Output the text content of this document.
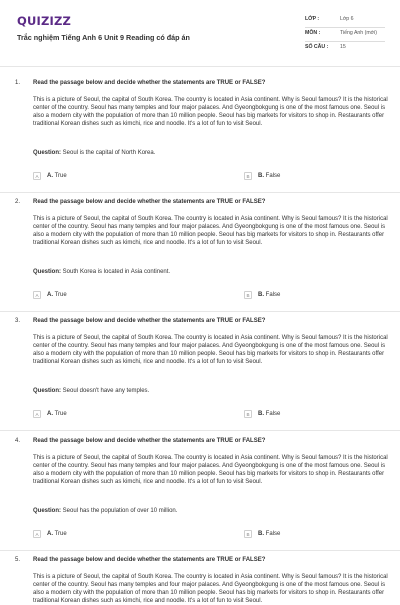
QUIZIZZ
Trắc nghiệm Tiếng Anh 6 Unit 9 Reading có đáp án
LỚP :	Lớp 6
MÔN :	Tiếng Anh (mới)
SỐ CÂU :	15
1. Read the passage below and decide whether the statements are TRUE or FALSE?
This is a picture of Seoul, the capital of South Korea. The country is located in Asia continent. Why is Seoul famous? It is the historical center of the country. Seoul has many temples and four major palaces. And Gyeongbokgung is one of the most famous one. Seoul is also a modern city with the population of more than 10 million people. Seoul has big markets for visitors to shop in. Restaurants offer traditional Korean dishes such as kimchi, rice and noodle. It's a lot of fun to visit Seoul.
Question: Seoul is the capital of North Korea.
A	A. True	B	B. False
2. Read the passage below and decide whether the statements are TRUE or FALSE?
This is a picture of Seoul, the capital of South Korea. The country is located in Asia continent. Why is Seoul famous? It is the historical center of the country. Seoul has many temples and four major palaces. And Gyeongbokgung is one of the most famous one. Seoul is also a modern city with the population of more than 10 million people. Seoul has big markets for visitors to shop in. Restaurants offer traditional Korean dishes such as kimchi, rice and noodle. It's a lot of fun to visit Seoul.
Question: South Korea is located in Asia continent.
A	A. True	B	B. False
3. Read the passage below and decide whether the statements are TRUE or FALSE?
This is a picture of Seoul, the capital of South Korea. The country is located in Asia continent. Why is Seoul famous? It is the historical center of the country. Seoul has many temples and four major palaces. And Gyeongbokgung is one of the most famous one. Seoul is also a modern city with the population of more than 10 million people. Seoul has big markets for visitors to shop in. Restaurants offer traditional Korean dishes such as kimchi, rice and noodle. It's a lot of fun to visit Seoul.
Question: Seoul doesn't have any temples.
A	A. True	B	B. False
4. Read the passage below and decide whether the statements are TRUE or FALSE?
This is a picture of Seoul, the capital of South Korea. The country is located in Asia continent. Why is Seoul famous? It is the historical center of the country. Seoul has many temples and four major palaces. And Gyeongbokgung is one of the most famous one. Seoul is also a modern city with the population of more than 10 million people. Seoul has big markets for visitors to shop in. Restaurants offer traditional Korean dishes such as kimchi, rice and noodle. It's a lot of fun to visit Seoul.
Question: Seoul has the population of over 10 million.
A	A. True	B	B. False
5. Read the passage below and decide whether the statements are TRUE or FALSE?
This is a picture of Seoul, the capital of South Korea. The country is located in Asia continent. Why is Seoul famous? It is the historical center of the country. Seoul has many temples and four major palaces. And Gyeongbokgung is one of the most famous one. Seoul is also a modern city with the population of more than 10 million people. Seoul has big markets for visitors to shop in. Restaurants offer traditional Korean dishes such as kimchi, rice and noodle. It's a lot of fun to visit Seoul.
